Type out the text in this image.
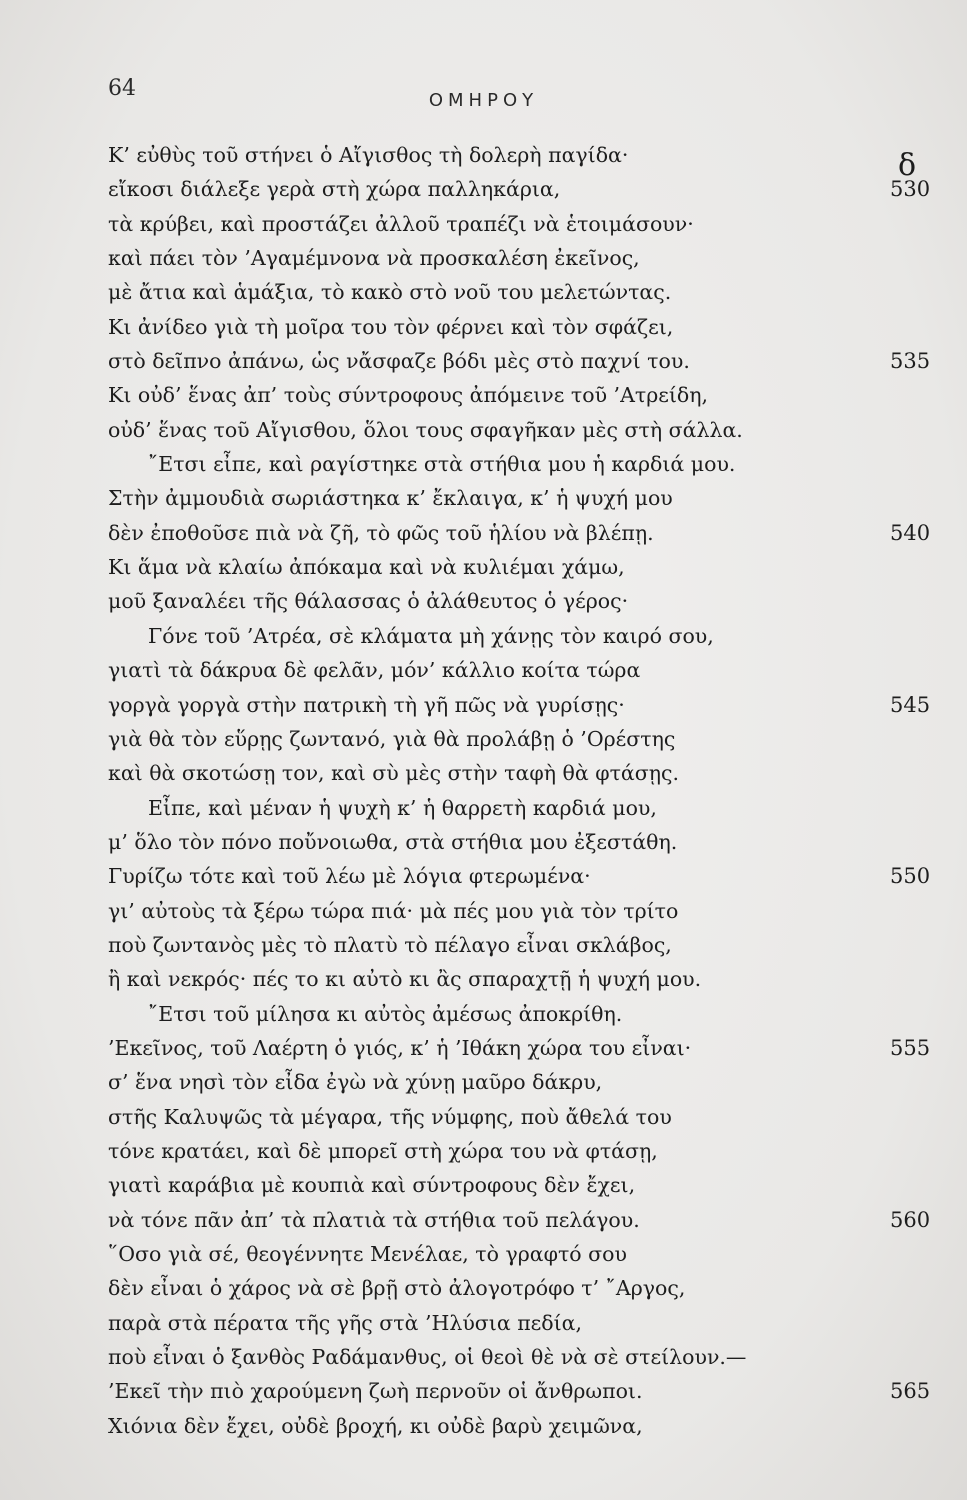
64	ΟΜΗΡΟΥ
δ
Κ’ εὐθὺς τοῦ στήνει ὁ Αἴγισθος τὴ δολερὴ παγίδα·
εἴκοσι διάλεξε γερὰ στὴ χώρα παλληκάρια,	530
τὰ κρύβει, καὶ προστάζει ἀλλοῦ τραπέζι νὰ ἑτοιμάσουν·
καὶ πάει τὸν ’Αγαμέμνονα νὰ προσκαλέση ἐκεῖνος,
μὲ ἄτια καὶ ἁμάξια, τὸ κακὸ στὸ νοῦ του μελετώντας.
Κι ἀνίδεο γιὰ τὴ μοῖρα του τὸν φέρνει καὶ τὸν σφάζει,
στὸ δεῖπνο ἀπάνω, ὡς νἄσφαζε βόδι μὲς στὸ παχνί του.	535
Κι οὐδ’ ἕνας ἀπ’ τοὺς σύντροφους ἀπόμεινε τοῦ ’Ατρείδη,
οὐδ’ ἕνας τοῦ Αἴγισθου, ὅλοι τους σφαγῆκαν μὲς στὴ σάλλα.
῎Ετσι εἶπε, καὶ ραγίστηκε στὰ στήθια μου ἡ καρδιά μου.
Στὴν ἀμμουδιὰ σωριάστηκα κ’ ἔκλαιγα, κ’ ἡ ψυχή μου
δὲν ἐποθοῦσε πιὰ νὰ ζῆ, τὸ φῶς τοῦ ἡλίου νὰ βλέπῃ.	540
Κι ἅμα νὰ κλαίω ἀπόκαμα καὶ νὰ κυλιέμαι χάμω,
μοῦ ξαναλέει τῆς θάλασσας ὁ ἀλάθευτος ὁ γέρος·
Γόνε τοῦ ’Ατρέα, σὲ κλάματα μὴ χάνῃς τὸν καιρό σου,
γιατὶ τὰ δάκρυα δὲ φελᾶν, μόν’ κάλλιο κοίτα τώρα
γοργὰ γοργὰ στὴν πατρικὴ τὴ γῆ πῶς νὰ γυρίσῃς·	545
γιὰ θὰ τὸν εὕρῃς ζωντανό, γιὰ θὰ προλάβῃ ὁ ’Ορέστης
καὶ θὰ σκοτώσῃ τον, καὶ σὺ μὲς στὴν ταφὴ θὰ φτάσῃς.
Εἶπε, καὶ μέναν ἡ ψυχὴ κ’ ἡ θαρρετὴ καρδιά μου,
μ’ ὅλο τὸν πόνο ποὔνοιωθα, στὰ στήθια μου ἐξεστάθη.
Γυρίζω τότε καὶ τοῦ λέω μὲ λόγια φτερωμένα·	550
γι’ αὐτοὺς τὰ ξέρω τώρα πιά· μὰ πές μου γιὰ τὸν τρίτο
ποὺ ζωντανὸς μὲς τὸ πλατὺ τὸ πέλαγο εἶναι σκλάβος,
ἢ καὶ νεκρός· πές το κι αὐτὸ κι ἂς σπαραχτῇ ἡ ψυχή μου.
῎Ετσι τοῦ μίλησα κι αὐτὸς ἀμέσως ἀποκρίθη.
’Εκεῖνος, τοῦ Λαέρτη ὁ γιός, κ’ ἡ ’Ιθάκη χώρα του εἶναι·	555
σ’ ἕνα νησὶ τὸν εἶδα ἐγὼ νὰ χύνῃ μαῦρο δάκρυ,
στῆς Καλυψῶς τὰ μέγαρα, τῆς νύμφης, ποὺ ἄθελά του
τόνε κρατάει, καὶ δὲ μπορεῖ στὴ χώρα του νὰ φτάσῃ,
γιατὶ καράβια μὲ κουπιὰ καὶ σύντροφους δὲν ἔχει,
νὰ τόνε πᾶν ἀπ’ τὰ πλατιὰ τὰ στήθια τοῦ πελάγου.	560
῞Οσο γιὰ σέ, θεογέννητε Μενέλαε, τὸ γραφτό σου
δὲν εἶναι ὁ χάρος νὰ σὲ βρῇ στὸ ἀλογοτρόφο τ’ ῎Αργος,
παρὰ στὰ πέρατα τῆς γῆς στὰ ’Ηλύσια πεδία,
ποὺ εἶναι ὁ ξανθὸς Ραδάμανθυς, οἱ θεοὶ θὲ νὰ σὲ στείλουν.—
’Εκεῖ τὴν πιὸ χαρούμενη ζωὴ περνοῦν οἱ ἄνθρωποι.	565
Χιόνια δὲν ἔχει, οὐδὲ βροχή, κι οὐδὲ βαρὺ χειμῶνα,
